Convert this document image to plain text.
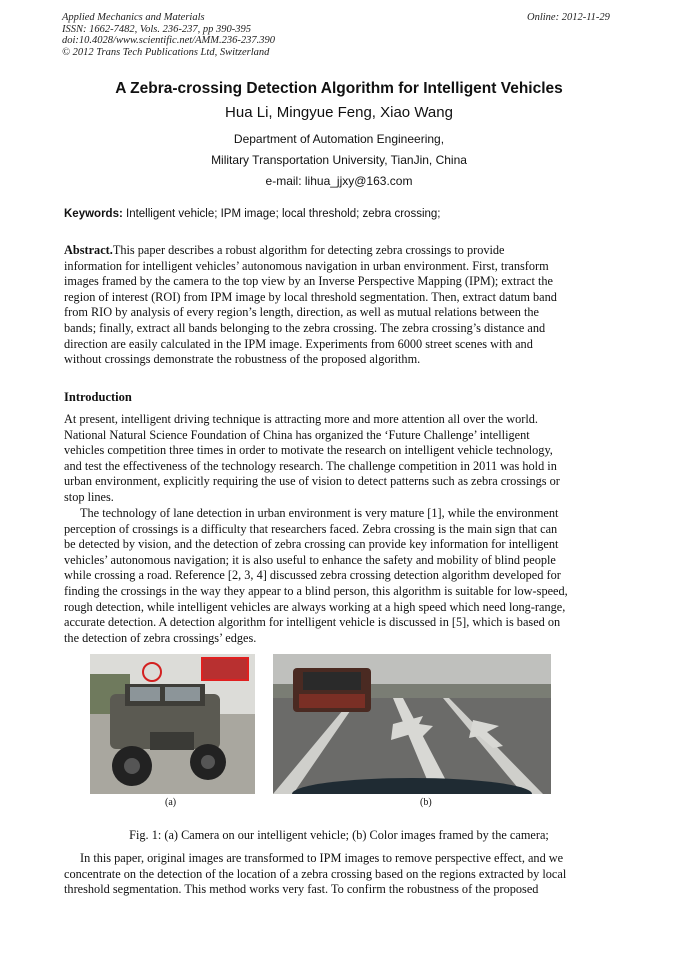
Applied Mechanics and Materials
ISSN: 1662-7482, Vols. 236-237, pp 390-395
doi:10.4028/www.scientific.net/AMM.236-237.390
© 2012 Trans Tech Publications Ltd, Switzerland
Online: 2012-11-29
A Zebra-crossing Detection Algorithm for Intelligent Vehicles
Hua Li, Mingyue Feng, Xiao Wang
Department of Automation Engineering,
Military Transportation University, TianJin, China
e-mail: lihua_jjxy@163.com
Keywords: Intelligent vehicle; IPM image; local threshold; zebra crossing;
Abstract.This paper describes a robust algorithm for detecting zebra crossings to provide
information for intelligent vehicles’ autonomous navigation in urban environment. First, transform
images framed by the camera to the top view by an Inverse Perspective Mapping (IPM); extract the
region of interest (ROI) from IPM image by local threshold segmentation. Then, extract datum band
from RIO by analysis of every region’s length, direction, as well as mutual relations between the
bands; finally, extract all bands belonging to the zebra crossing. The zebra crossing’s distance and
direction are easily calculated in the IPM image. Experiments from 6000 street scenes with and
without crossings demonstrate the robustness of the proposed algorithm.
Introduction
At present, intelligent driving technique is attracting more and more attention all over the world.
National Natural Science Foundation of China has organized the ‘Future Challenge’ intelligent
vehicles competition three times in order to motivate the research on intelligent vehicle technology,
and test the effectiveness of the technology research. The challenge competition in 2011 was hold in
urban environment, explicitly requiring the use of vision to detect patterns such as zebra crossings or
stop lines.
The technology of lane detection in urban environment is very mature [1], while the environment
perception of crossings is a difficulty that researchers faced. Zebra crossing is the main sign that can
be detected by vision, and the detection of zebra crossing can provide key information for intelligent
vehicles’ autonomous navigation; it is also useful to enhance the safety and mobility of blind people
while crossing a road. Reference [2, 3, 4] discussed zebra crossing detection algorithm developed for
finding the crossings in the way they appear to a blind person, this algorithm is suitable for low-speed,
rough detection, while intelligent vehicles are always working at a high speed which need long-range,
accurate detection. A detection algorithm for intelligent vehicle is discussed in [5], which is based on
the detection of zebra crossings’ edges.
(a)	(b)
Fig. 1: (a) Camera on our intelligent vehicle; (b) Color images framed by the camera;
In this paper, original images are transformed to IPM images to remove perspective effect, and we
concentrate on the detection of the location of a zebra crossing based on the regions extracted by local
threshold segmentation. This method works very fast. To confirm the robustness of the proposed
